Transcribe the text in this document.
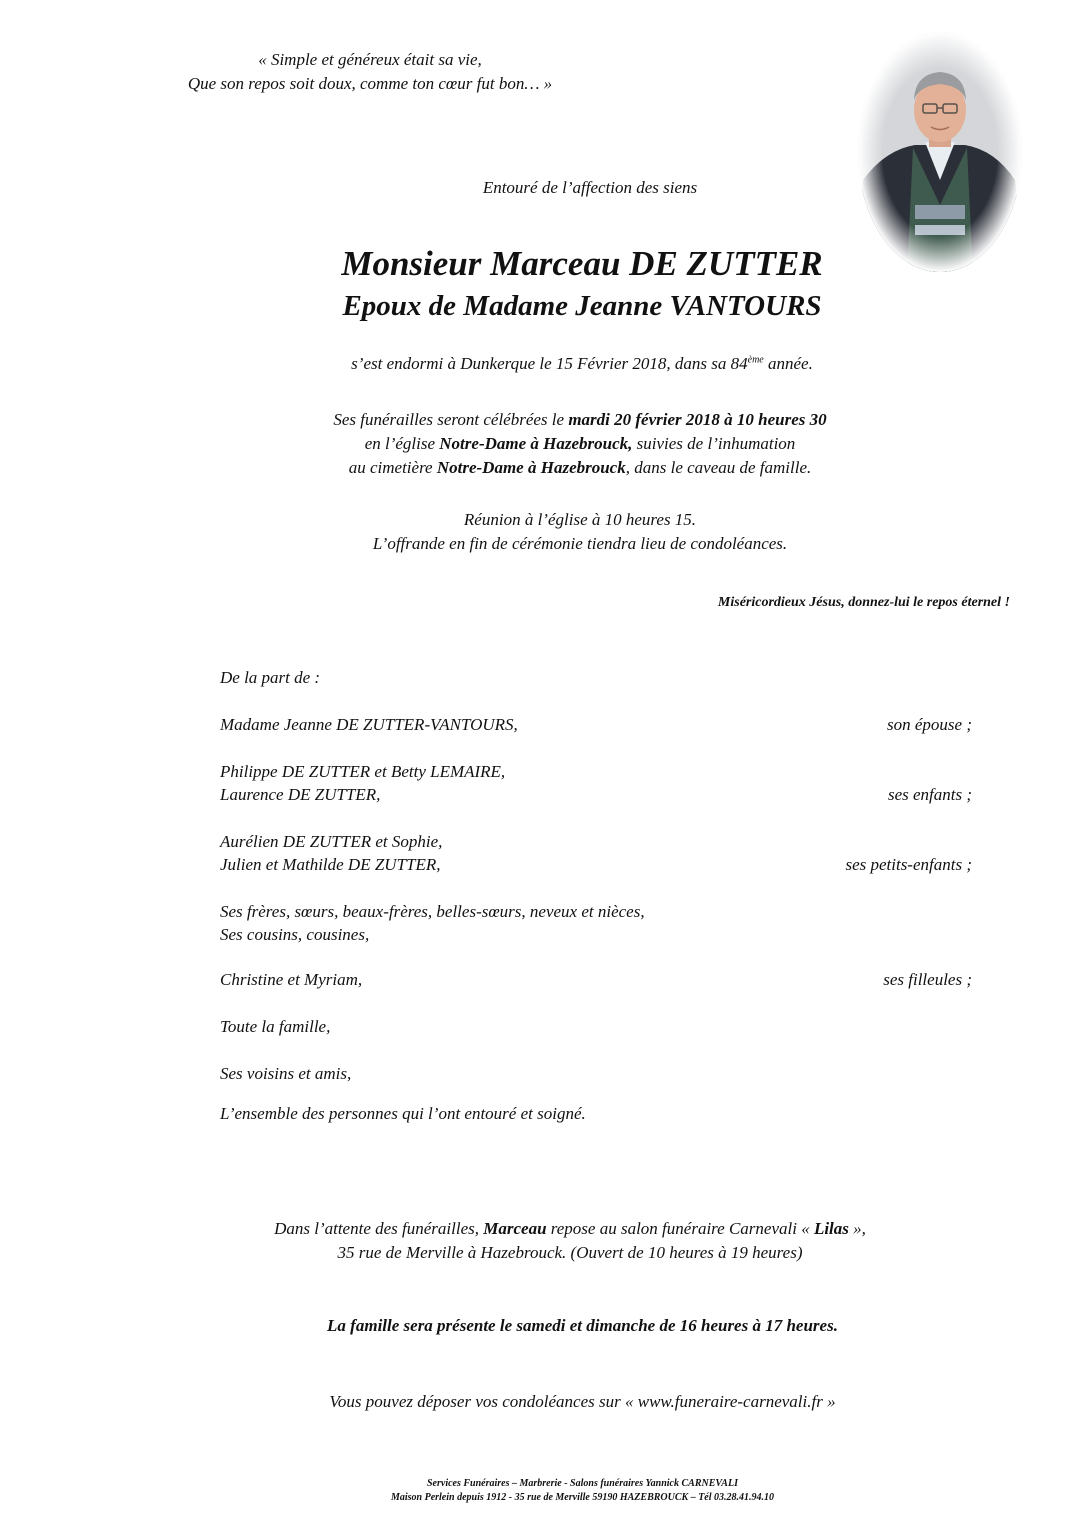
« Simple et généreux était sa vie,
Que son repos soit doux, comme ton cœur fut bon… »
Entouré de l’affection des siens
Monsieur Marceau DE ZUTTER
Epoux de Madame Jeanne VANTOURS
s’est endormi à Dunkerque le 15 Février 2018, dans sa 84ème année.
Ses funérailles seront célébrées le mardi 20 février 2018 à 10 heures 30
en l’église Notre-Dame à Hazebrouck, suivies de l’inhumation
au cimetière Notre-Dame à Hazebrouck, dans le caveau de famille.
Réunion à l’église à 10 heures 15.
L’offrande en fin de cérémonie tiendra lieu de condoléances.
Miséricordieux Jésus, donnez-lui le repos éternel !
De la part de :
Madame Jeanne DE ZUTTER-VANTOURS,	son épouse ;
Philippe DE ZUTTER et Betty LEMAIRE,
Laurence DE ZUTTER,	ses enfants ;
Aurélien DE ZUTTER et Sophie,
Julien et Mathilde DE ZUTTER,	ses petits-enfants ;
Ses frères, sœurs, beaux-frères, belles-sœurs, neveux et nièces,
Ses cousins, cousines,
Christine et Myriam,	ses filleules ;
Toute la famille,
Ses voisins et amis,
L’ensemble des personnes qui l’ont entouré et soigné.
Dans l’attente des funérailles, Marceau repose au salon funéraire Carnevali « Lilas »,
35 rue de Merville à Hazebrouck. (Ouvert de 10 heures à 19 heures)
La famille sera présente le samedi et dimanche de 16 heures à 17 heures.
Vous pouvez déposer vos condoléances sur « www.funeraire-carnevali.fr »
Services Funéraires – Marbrerie - Salons funéraires Yannick CARNEVALI
Maison Perlein depuis 1912 - 35 rue de Merville 59190 HAZEBROUCK – Tél 03.28.41.94.10
